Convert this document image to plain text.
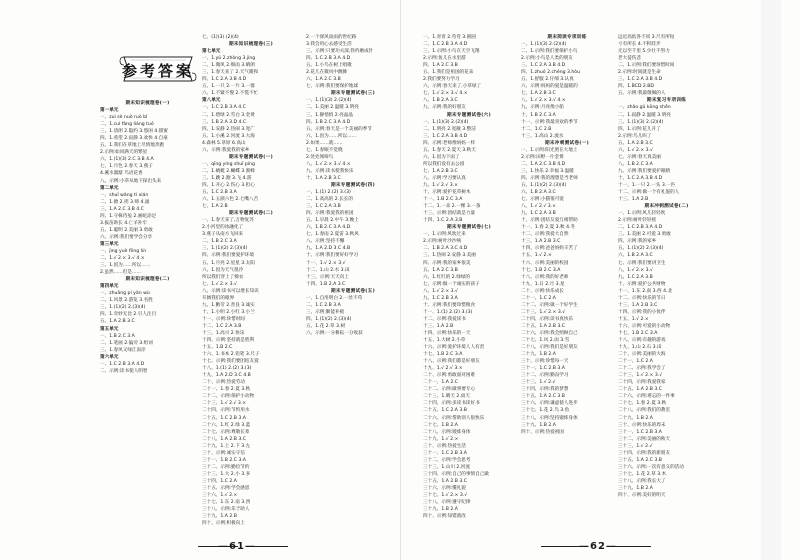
参考答案
期末知识梳理卷(一)
第一单元
一、zuì sè nuò ruò bǐ
二、1.cuì fàng liáng tuó
三、1.清朗 2.隐约 3.悠闲 4.甜蜜
四、1.希望 2.寂静 3.欢快 4.自豪
五、1.我们在草地上尽情地奔跑
2.示例:如同满天的繁星
六、1.(1)(3) 2.C 3.B 4.A
七、1.月色 2.春天 3.燕子
4.溪水潺潺 鸟语花香
八、示例:小草从地下探出头来
第二单元
一、shuǐ wǎng tí xián
二、1.掀 2.拐 3.啼 4.涌
三、1.A 2.C 3.B 4.C
四、1.守株待兔 2.画蛇添足
3.拔苗助长 4.亡羊补牢
五、1.聪明 2.美丽 3.勇敢
六、示例:我们要学会分享
第三单元
一、jìng yuè fēng lín
二、1.√ 2.× 3.√ 4.×
三、1.因为……所以……
2.虽然……但是……
期末知识梳理卷(二)
第四单元
一、zhuāng pí yǎn wù
二、1.风景 2.游览 3.名胜
三、1.(1)(2) 2.(3)(4)
四、1.奇妙无比 2.引人注目
五、1.A 2.B 3.C
第五单元
一、1.B 2.C 3.A
二、1.笔画 2.偏旁 3.组词
三、1.春风又绿江南岸
第六单元
一、1.C 2.B 3.A 4.D
二、示例:读书使人明智
七、(1)(3) (2)(4)
期末知识梳理卷(三)
第七单元
一、1.yǔ 2.zhòng 3.jìng
二、1.微风 2.细雨 3.晴朗
三、1.春天来了 2.天气暖和
四、1.C 2.A 3.B 4.D
五、1.一只 2.一片 3.一群
六、1.不紧不慢 2.不慌不忙
第八单元
一、1.C 2.B 3.A 4.C
二、1.碧绿 2.雪白 3.金黄
三、1.B 2.A 3.D 4.C
四、1.安静 2.热闹 3.宽广
五、1.小溪 2.河流 3.大海
4.森林 5.草原 6.高山
六、示例:我爱我的家乡
期末专题测试卷(一)
一、qīng yíng shuǐ píng
二、1.蜻蜓 2.蝴蝶 3.蜜蜂
三、1.跳 2.跑 3.飞 4.游
四、1.开心 2.伤心 3.担心
五、1.C 2.B 3.A
六、1.五颜六色 2.七嘴八舌
七、1.A 2.B
期末专题测试卷(二)
一、1.春天来了,万物复苏
2.小河里的冰融化了
3.燕子从南方飞回来
二、1.B 2.C 3.A
三、1.(1)(2) 2.(3)(4)
四、示例:我们要爱护环境
五、1.月亮 2.星星 3.太阳
六、1.因为天气很冷
所以我们穿上了棉衣
七、1.√ 2.× 3.√
八、示例:读书可以增长知识
开阔我们的眼界
九、1.勤劳 2.善良 3.诚实
十、1.小明 2.小红 3.小兰
十一、示例:珍惜时间
十二、1.C 2.A 3.B
十三、1.高兴 2.快乐
十四、示例:坚持就是胜利
十五、1.B 2.C
十六、1.书本 2.铅笔 3.尺子
十七、示例:我们要团结友爱
十八、1.(1) 2.(2) 3.(3)
十九、1.A 2.D 3.C 4.B
二十、示例:热爱劳动
二十一、1.春 2.夏 3.秋
二十二、示例:保护小动物
二十三、1.√ 2.√ 3.×
二十四、示例:节约用水
二十五、1.C 2.B 3.A
二十六、1.红 2.绿 3.蓝
二十七、示例:尊敬长辈
二十八、1.A 2.B 3.C
二十九、1.上 2.下 3.左
三十、示例:诚实守信
三十一、1.B 2.C 3.A
三十二、示例:勤俭节约
三十三、1.大 2.小 3.多
三十四、1.C 2.A
三十五、示例:学会感恩
三十六、1.√ 2.×
三十七、1.东 2.南 3.西
三十八、示例:乐于助人
三十九、1.A 2.B
四十、示例:积极向上
2.一个驿风雨雨的世纪路
3.我会用心去感受生活
三、示例:只要功夫深,铁杵磨成针
四、1.C 2.B 3.A 4.D
五、1.小鸟在树上唱歌
2.花儿在微风中跳舞
六、1.A 2.C 3.B
七、示例:我们要保护地球
期末专题测试卷(三)
一、1.(1)(3) 2.(2)(4)
二、1.美丽 2.温暖 3.明亮
三、1.静悄悄 2.亮晶晶
四、1.B 2.C 3.A 4.D
五、示例:春天是一个美丽的季节
六、1.因为……所以……
2.如果……就……
七、1.春眠不觉晓
2.处处闻啼鸟
八、1.√ 2.× 3.√ 4.×
九、示例:读书使我快乐
十、1.A 2.B 3.C
期末专题测试卷(四)
一、1.(1) 2.(2) 3.(3)
二、1.高高的 2.长长的
三、1.C 2.A 3.B
四、示例:我爱我的祖国
五、1.早晨 2.中午 3.晚上
六、1.B 2.C 3.A 4.D
七、1.春雨 2.夏雷 3.秋风
八、示例:坚持不懈
九、1.A 2.D 3.C 4.B
十、示例:我们要好好学习
十一、1.√ 2.× 3.√
十二、1.山 2.水 3.田
十三、示例:天天向上
十四、1.B 2.A 3.C
期末专题测试卷(五)
一、1.自用明白 2.一丝不苟
二、1.C 2.B 3.A
三、示例:勤能补拙
四、1.(1)(2) 2.(3)(4)
五、1.花 2.草 3.树
六、示例:一分耕耘一分收获
—61—
一、1.青青 2.弯弯 3.圆圆
二、1.C 2.B 3.A 4.D
三、1.示例:小鸟在天空飞翔
2.示例:鱼儿在水里游
四、1.A 2.C 3.B
五、1.我们是祖国的花朵
2.我们要努力学习
六、示例:春天来了,小草绿了
七、1.√ 2.× 3.√ 4.×
八、1.B 2.A 3.C
九、示例:我的好朋友
期末专题测试卷(六)
一、1.(1)(3) 2.(2)(4)
二、1.明亮 2.宽敞 3.整洁
三、1.C 2.A 3.B 4.D
四、示例:老师像妈妈一样
五、1.春天 2.夏天 3.秋天
六、1.因为下雨了
所以我们没有去公园
七、1.A 2.B 3.C
八、示例:学习要认真
九、1.√ 2.√ 3.×
十、示例:爱护花草树木
十一、1.B 2.C 3.A
十二、1.一朵 2.一棵 3.一条
十三、示例:团结就是力量
十四、1.C 2.A 3.B
期末专题测试卷(七)
一、1.示例:风吹过来
2.示例:树叶沙沙响
二、1.B 2.A 3.C 4.D
三、1.热闹 2.安静 3.美丽
四、示例:我的家乡很美
五、1.A 2.C 3.B
六、1.红红的 2.绿绿的
七、示例:做一个诚实的孩子
八、1.√ 2.× 3.√
九、1.C 2.B 3.A
十、示例:我们要珍惜粮食
十一、1.(1) 2.(2) 3.(3)
十二、示例:我爱读书
十三、1.A 2.B
十四、示例:快乐的一天
十五、1.大树 2.小草
十六、示例:爱护环境人人有责
十七、1.B 2.C 3.A
十八、示例:我们都是好朋友
十九、1.√ 2.√ 3.×
二十、示例:勇敢面对困难
二十一、1.A 2.C
二十二、示例:做事要专心
二十三、1.晴天 2.雨天
二十四、示例:多读书读好书
二十五、1.C 2.A 3.B
二十六、示例:帮助别人很快乐
二十七、1.B 2.A
二十八、示例:锻炼身体
二十九、1.√ 2.×
三十、示例:热爱生活
三十一、1.C 2.B 3.A
三十二、示例:学会思考
三十三、1.山川 2.河流
三十四、示例:自己的事情自己做
三十五、1.A 2.B 3.C
三十六、示例:懂礼貌
三十七、1.√ 2.× 3.√
三十八、示例:遵守纪律
三十九、1.B 2.A
四十、示例:知错就改
期末阅读专项训练
一、1.(1)(3) 2.(2)(4)
二、1.示例:我们要保护小鸟
2.示例:小鸟是人类的朋友
三、1.C 2.A 3.B 4.D
四、1.zhuó 2.chéng 3.hòu
五、1.舒服 2.仔细 3.认真
六、示例:妈妈的爱是温暖的
七、1.A 2.B 3.C
八、1.√ 2.× 3.√ 4.×
九、示例:月亮像小船
十、1.B 2.C 3.A
十一、示例:我最喜欢的季节
十二、1.C 2.B
十三、1.高山 2.流水
期末冲刺测试卷(一)
一、1.示例:阳光照在大地上
2.示例:田野一片金黄
二、1.A 2.C 3.B 4.D
三、1.快乐 2.幸福 3.温暖
四、示例:我的理想是当老师
五、1.(1)(2) 2.(3)(4)
六、1.B 2.A 3.C
七、示例:小猫很可爱
八、1.√ 2.√ 3.×
九、1.C 2.A 3.B
十、示例:团结友爱互相帮助
十一、1.春 2.夏 3.秋 4.冬
十二、示例:我爱大自然
十三、1.A 2.B 3.C
十四、示例:爸爸妈妈辛苦了
十五、1.√ 2.×
十六、示例:美丽的校园
十七、1.B 2.C 3.A
十八、示例:我的好老师
十九、1.日 2.月 3.星
二十、示例:快乐成长
二十一、1.C 2.A
二十二、示例:做一个好学生
二十三、1.√ 2.× 3.√
二十四、示例:读书真快乐
二十五、1.A 2.B 3.C
二十六、示例:我会照顾自己
二十七、1.风 2.雨 3.雪
二十八、示例:我们是好朋友
二十九、1.B 2.A
三十、示例:珍惜每一天
三十一、1.C 2.B 3.A
三十二、示例:勤奋学习
三十三、1.√ 2.√
三十四、示例:我的梦想
三十五、1.A 2.C 3.B
三十六、示例:谦虚使人进步
三十七、1.花 2.鸟 3.鱼
三十八、示例:坚持锻炼身体
三十九、1.B 2.A
四十、示例:热爱祖国
远近高低各不同 3.尺有所短
寸有所长 4.不积跬步
无以至千里 5.少壮不努力
老大徒伤悲
二、1.示例:我们要珍惜时间
2.示例:时间就是生命
三、1.C 2.A 3.B 4.D
四、1.BCD 2.BD
五、示例:我最敬佩的人
期末复习专项训练
一、zhǎo gǔ kōng shěn
二、1.寂静 2.温暖 3.明亮
三、1.(1)(3) 2.(2)(4)
四、1.示例:花儿开了
2.示例:鸟儿叫了
五、1.A 2.B 3.C
六、1.√ 2.× 3.√
七、示例:春天真美丽
八、1.B 2.C 3.A
九、示例:我们要爱护眼睛
十、1.C 2.A 3.B 4.D
十一、1.一只 2.一头 3.一匹
十二、示例:做一个有礼貌的人
十三、1.A 2.B
期末冲刺测试卷(二)
一、1.示例:风儿轻轻吹
2.示例:树叶轻轻摇
二、1.C 2.B 3.A 4.D
三、1.美丽 2.可爱 3.勇敢
四、示例:我的家乡
五、1.(1)(2) 2.(3)(4)
六、1.B 2.A 3.C
七、示例:我们要讲卫生
八、1.√ 2.× 3.√
九、1.C 2.A 3.B
十、示例:爱护公共财物
十一、1.东 2.南 3.西 4.北
十二、示例:快乐的节日
十三、1.A 2.B 3.C
十四、示例:我的小伙伴
十五、1.√ 2.×
十六、示例:可爱的小动物
十七、1.B 2.C 3.A
十八、示例:有趣的游戏
十九、1.山 2.石 3.田
二十、示例:美丽的大海
二十一、1.C 2.A
二十二、示例:我学会了
二十三、1.√ 2.× 3.√
二十四、示例:我爱我家
二十五、1.A 2.B 3.C
二十六、示例:难忘的一件事
二十七、1.春 2.夏 3.秋
二十八、示例:我们的教室
二十九、1.B 2.A
三十、示例:快乐的周末
三十一、1.C 2.B 3.A
三十二、示例:美丽的秋天
三十三、1.√ 2.√
三十四、示例:我的新朋友
三十五、1.A 2.C 3.B
三十六、示例:一次有意义的活动
三十七、1.花 2.草 3.木
三十八、示例:我长大了
三十九、1.B 2.A
四十、示例:美好的明天
—62—
